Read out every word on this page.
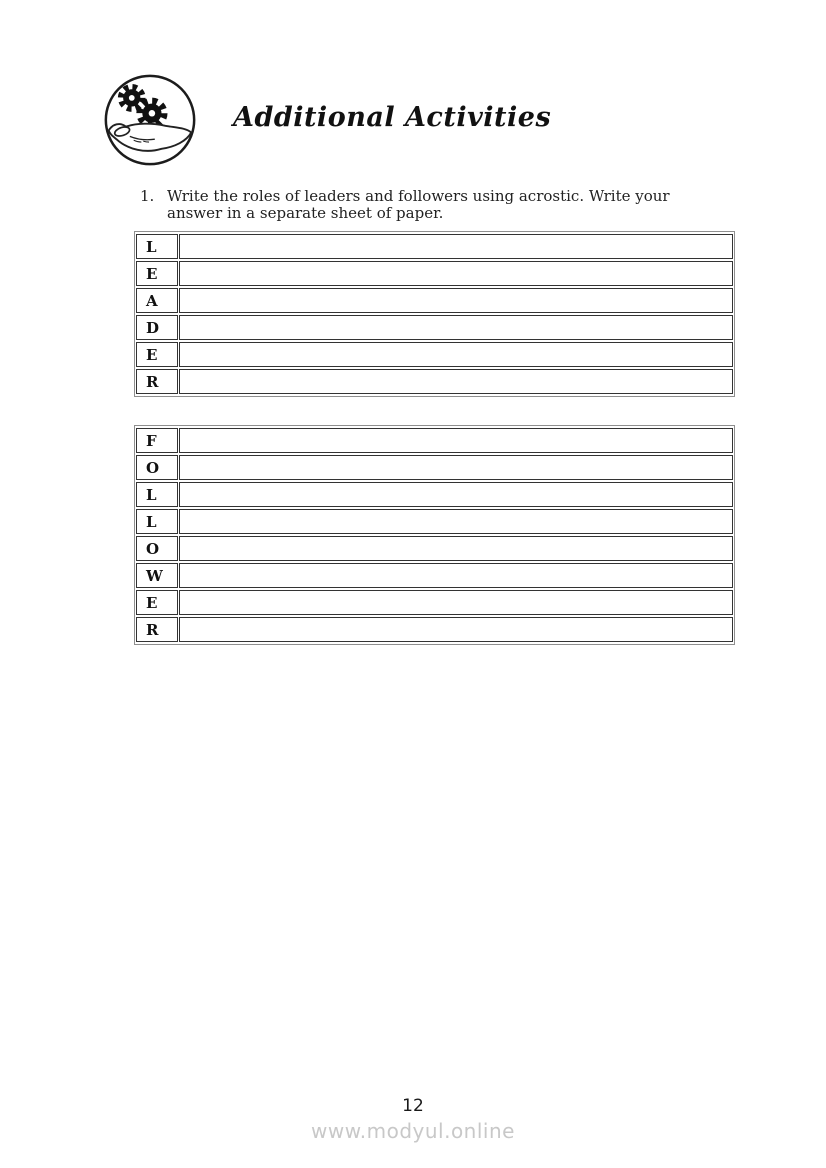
Additional Activities
1. Write the roles of leaders and followers using acrostic. Write your answer in a separate sheet of paper.
L	
E	
A	
D	
E	
R	
F	
O	
L	
L	
O	
W	
E	
R	
12
www.modyul.online
